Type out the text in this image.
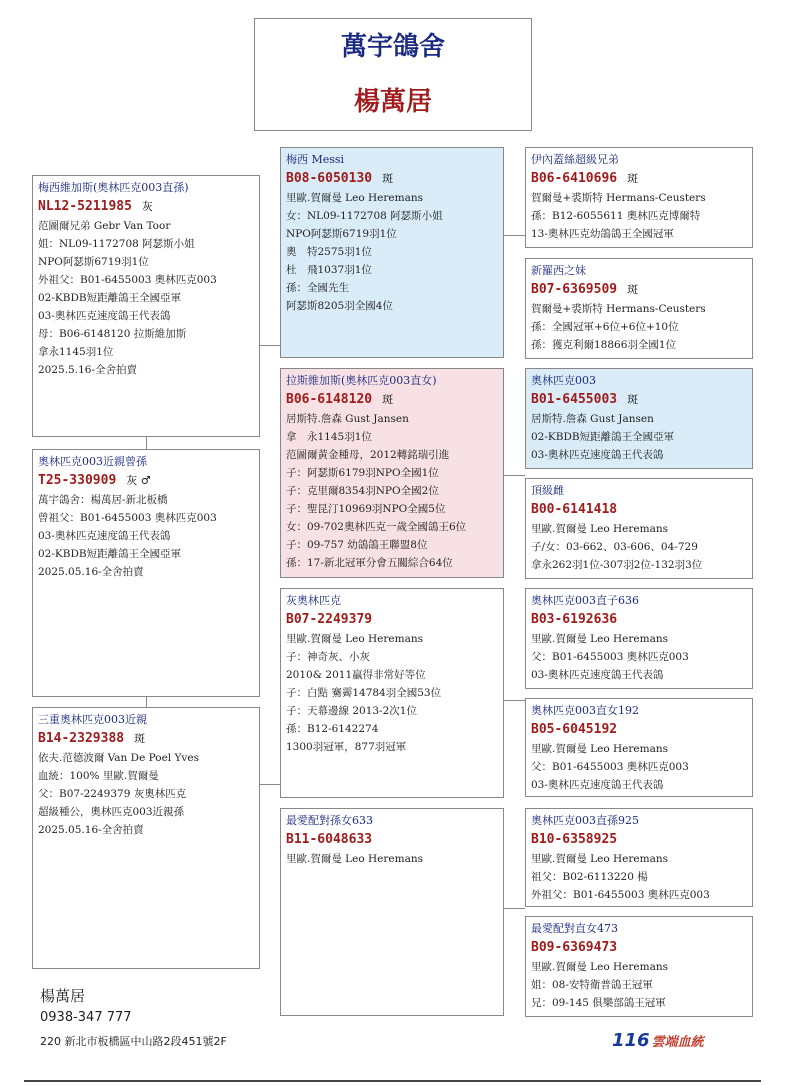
萬宇鴿舍
楊萬居
梅西維加斯(奧林匹克003直孫)
NL12-5211985 灰
范圖爾兄弟 Gebr Van Toor
姐：NL09-1172708 阿瑟斯小姐
NPO阿瑟斯6719羽1位
外祖父：B01-6455003 奧林匹克003
02-KBDB短距離鴿王全國亞軍
03-奧林匹克速度鴿王代表鴿
母：B06-6148120 拉斯維加斯
拿永1145羽1位
2025.5.16-全舍拍賣
奧林匹克003近親曾孫
T25-330909 灰 ♂
萬宇鴿舍：楊萬居-新北板橋
曾祖父：B01-6455003 奧林匹克003
03-奧林匹克速度鴿王代表鴿
02-KBDB短距離鴿王全國亞軍
2025.05.16-全舍拍賣
三重奧林匹克003近親
B14-2329388 斑
依夫.范德波爾 Van De Poel Yves
血統：100% 里歐.賀爾曼
父：B07-2249379 灰奧林匹克
超級種公，奧林匹克003近親孫
2025.05.16-全舍拍賣
梅西 Messi
B08-6050130 斑
里歐.賀爾曼 Leo Heremans
女：NL09-1172708 阿瑟斯小姐
NPO阿瑟斯6719羽1位
奧　特2575羽1位
杜　飛1037羽1位
孫：全國先生
阿瑟斯8205羽全國4位
拉斯維加斯(奧林匹克003直女)
B06-6148120 斑
居斯特.詹森 Gust Jansen
拿　永1145羽1位
范圖爾黃金種母，2012轉銘瑞引進
子：阿瑟斯6179羽NPO全國1位
子：克里爾8354羽NPO全國2位
子：聖昆汀10969羽NPO全國5位
女：09-702奧林匹克一歲全國鴿王6位
子：09-757 幼鴿鴿王聯盟8位
孫：17-新北冠軍分會五關綜合64位
灰奧林匹克
B07-2249379
里歐.賀爾曼 Leo Heremans
子：神奇灰、小灰
2010& 2011贏得非常好等位
子：白點 騫霽14784羽全國53位
子：天幕邊線 2013-2次1位
孫：B12-6142274
1300羽冠軍，877羽冠軍
最愛配對孫女633
B11-6048633
里歐.賀爾曼 Leo Heremans
伊內蓋絲超級兄弟
B06-6410696 斑
賀爾曼+裘斯特 Hermans-Ceusters
孫：B12-6055611 奧林匹克博爾特
13-奧林匹克幼鴿鴿王全國冠軍
新羅西之妹
B07-6369509 斑
賀爾曼+裘斯特 Hermans-Ceusters
孫：全國冠軍+6位+6位+10位
孫：獲克利爾18866羽全國1位
奧林匹克003
B01-6455003 斑
居斯特.詹森 Gust Jansen
02-KBDB短距離鴿王全國亞軍
03-奧林匹克速度鴿王代表鴿
頂級雌
B00-6141418
里歐.賀爾曼 Leo Heremans
子/女：03-662、03-606、04-729
拿永262羽1位-307羽2位-132羽3位
奧林匹克003直子636
B03-6192636
里歐.賀爾曼 Leo Heremans
父：B01-6455003 奧林匹克003
03-奧林匹克速度鴿王代表鴿
奧林匹克003直女192
B05-6045192
里歐.賀爾曼 Leo Heremans
父：B01-6455003 奧林匹克003
03-奧林匹克速度鴿王代表鴿
奧林匹克003直孫925
B10-6358925
里歐.賀爾曼 Leo Heremans
祖父：B02-6113220 楊
外祖父：B01-6455003 奧林匹克003
最愛配對直女473
B09-6369473
里歐.賀爾曼 Leo Heremans
姐：08-安特衛普鴿王冠軍
兄：09-145 俱樂部鴿王冠軍
楊萬居
0938-347 777
220 新北市板橋區中山路2段451號2F	116 雲端血統
